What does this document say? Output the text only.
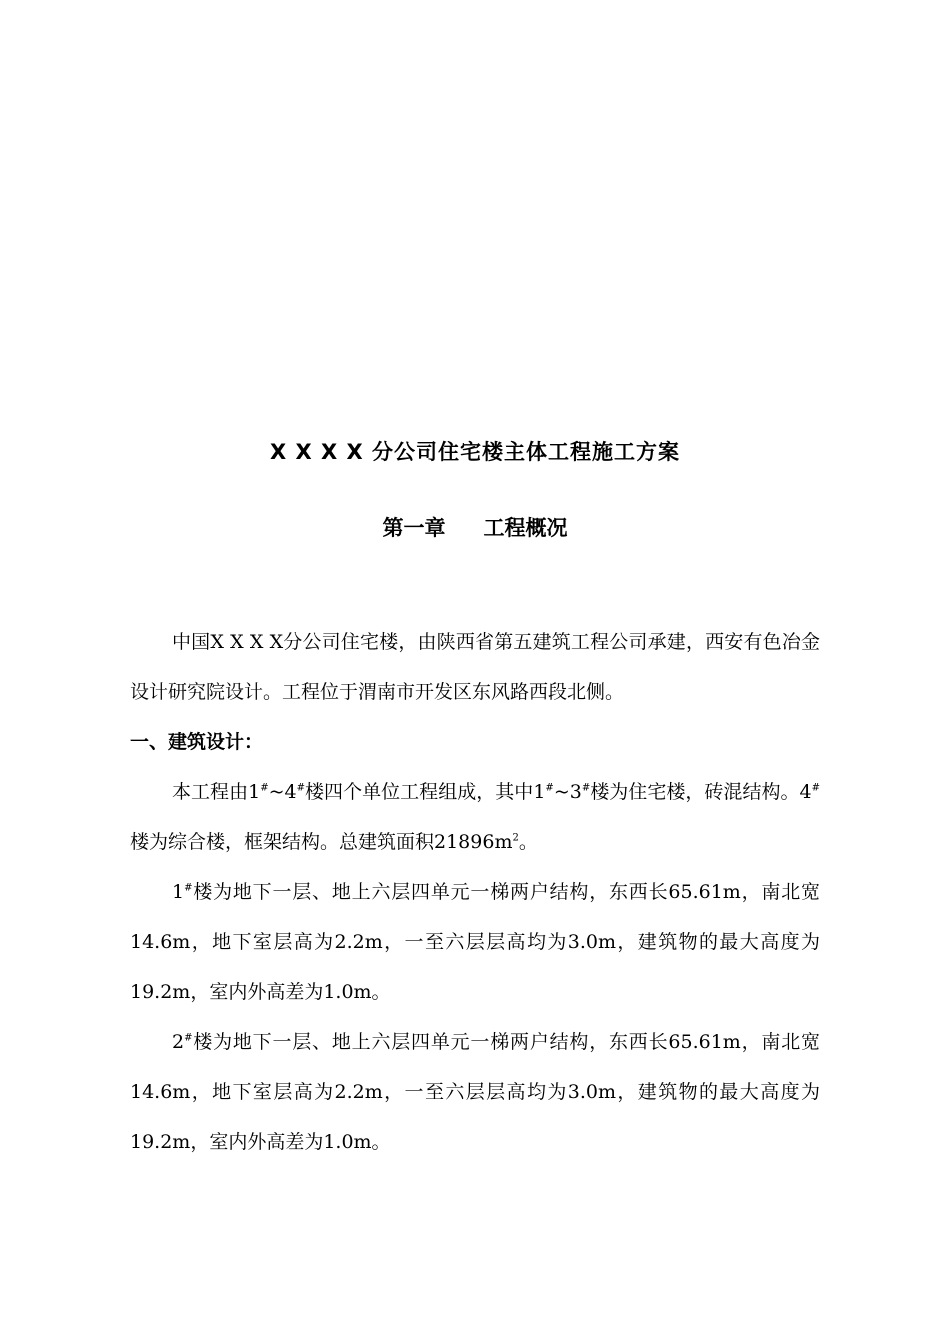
X X X X 分公司住宅楼主体工程施工方案
第一章 工程概况

中国X X X X分公司住宅楼，由陕西省第五建筑工程公司承建，西安有色冶金设计研究院设计。工程位于渭南市开发区东风路西段北侧。

一、建筑设计：

本工程由1#~4#楼四个单位工程组成，其中1#~3#楼为住宅楼，砖混结构。4#楼为综合楼，框架结构。总建筑面积$21896m^2$。

1#楼为地下一层、地上六层四单元一梯两户结构，东西长65.61m，南北宽14.6m，地下室层高为2.2m，一至六层层高均为3.0m，建筑物的最大高度为19.2m，室内外高差为1.0m。

2#楼为地下一层、地上六层四单元一梯两户结构，东西长65.61m，南北宽14.6m，地下室层高为2.2m，一至六层层高均为3.0m，建筑物的最大高度为19.2m，室内外高差为1.0m。
